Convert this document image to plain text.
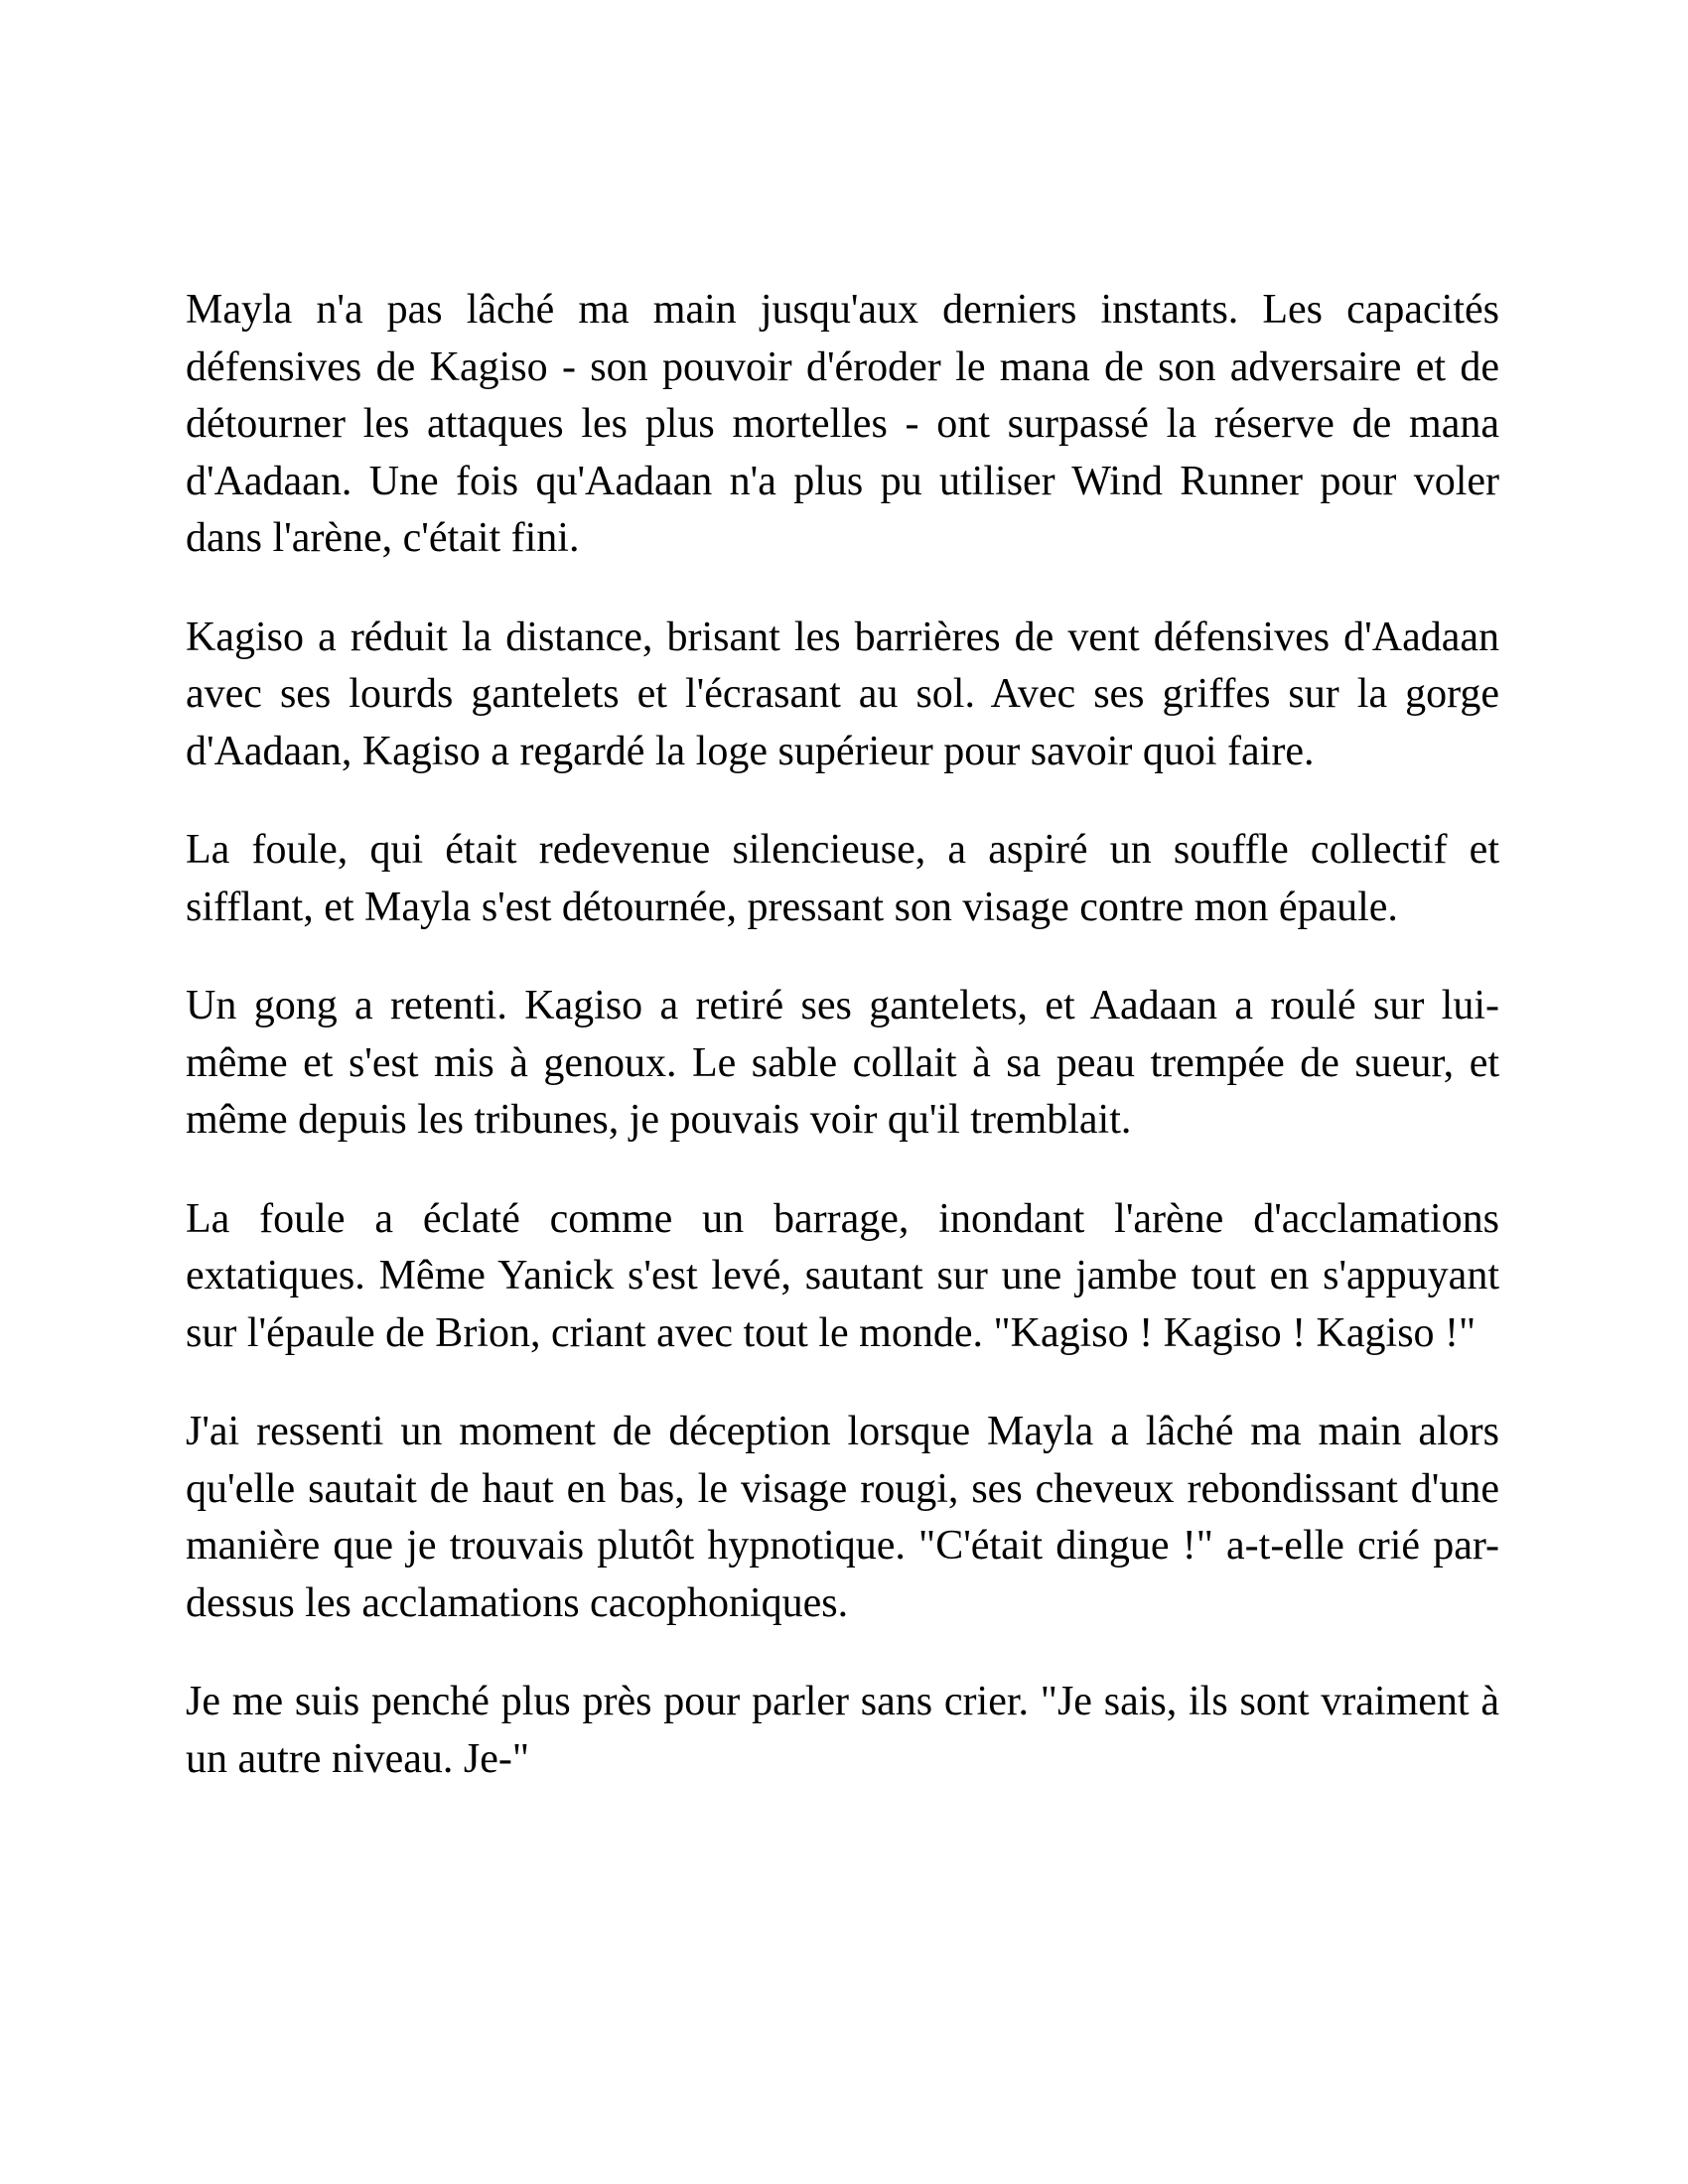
Mayla n'a pas lâché ma main jusqu'aux derniers instants. Les capacités défensives de Kagiso - son pouvoir d'éroder le mana de son adversaire et de détourner les attaques les plus mortelles - ont surpassé la réserve de mana d'Aadaan. Une fois qu'Aadaan n'a plus pu utiliser Wind Runner pour voler dans l'arène, c'était fini.

Kagiso a réduit la distance, brisant les barrières de vent défensives d'Aadaan avec ses lourds gantelets et l'écrasant au sol. Avec ses griffes sur la gorge d'Aadaan, Kagiso a regardé la loge supérieur pour savoir quoi faire.

La foule, qui était redevenue silencieuse, a aspiré un souffle collectif et sifflant, et Mayla s'est détournée, pressant son visage contre mon épaule.

Un gong a retenti. Kagiso a retiré ses gantelets, et Aadaan a roulé sur lui-même et s'est mis à genoux. Le sable collait à sa peau trempée de sueur, et même depuis les tribunes, je pouvais voir qu'il tremblait.

La foule a éclaté comme un barrage, inondant l'arène d'acclamations extatiques. Même Yanick s'est levé, sautant sur une jambe tout en s'appuyant sur l'épaule de Brion, criant avec tout le monde. "Kagiso ! Kagiso ! Kagiso !"

J'ai ressenti un moment de déception lorsque Mayla a lâché ma main alors qu'elle sautait de haut en bas, le visage rougi, ses cheveux rebondissant d'une manière que je trouvais plutôt hypnotique. "C'était dingue !" a-t-elle crié par-dessus les acclamations cacophoniques.

Je me suis penché plus près pour parler sans crier. "Je sais, ils sont vraiment à un autre niveau. Je-"
